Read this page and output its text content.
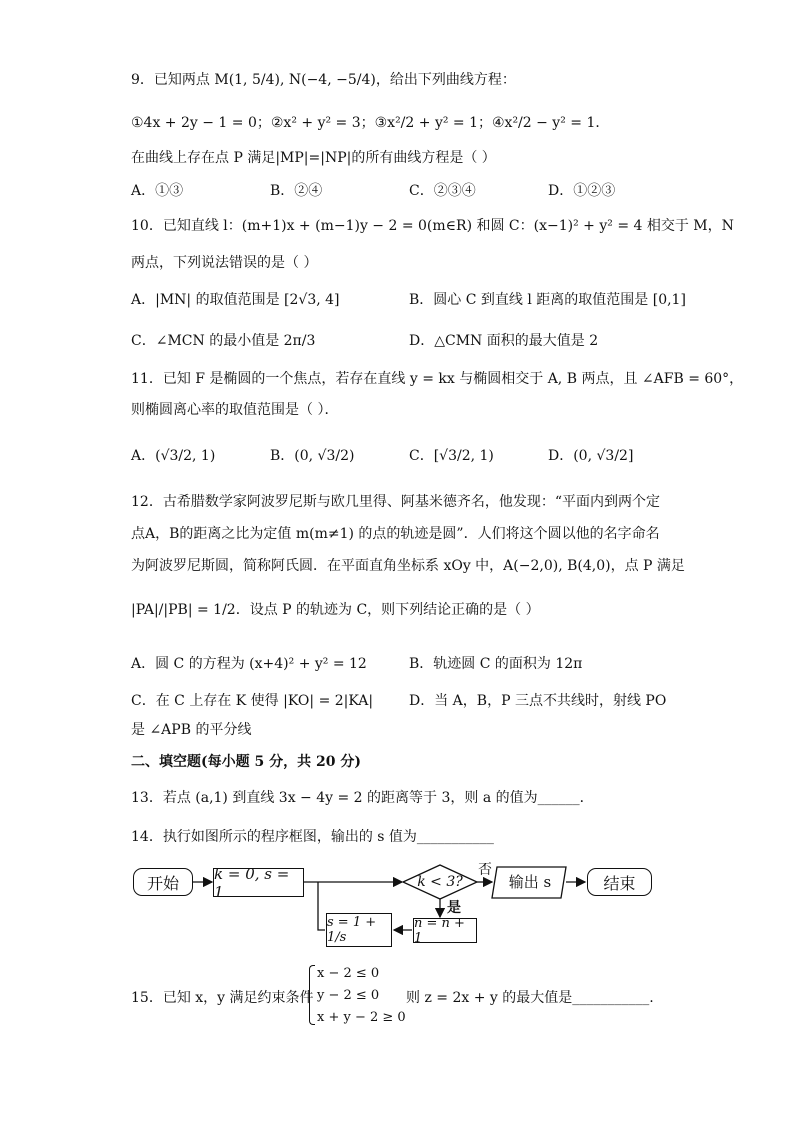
9．已知两点 M(1, 5/4), N(−4, −5/4)，给出下列曲线方程：
①4x + 2y − 1 = 0；②x² + y² = 3；③x²/2 + y² = 1；④x²/2 − y² = 1．
在曲线上存在点 P 满足|MP|=|NP|的所有曲线方程是（ ）
A．①③	B．②④	C．②③④	D．①②③
10．已知直线 l：(m+1)x + (m−1)y − 2 = 0(m∈R) 和圆 C：(x−1)² + y² = 4 相交于 M，N
两点，下列说法错误的是（ ）
A．|MN| 的取值范围是 [2√3, 4]	B．圆心 C 到直线 l 距离的取值范围是 [0,1]
C．∠MCN 的最小值是 2π/3	D．△CMN 面积的最大值是 2
11．已知 F 是椭圆的一个焦点，若存在直线 y = kx 与椭圆相交于 A, B 两点，且 ∠AFB = 60°，
则椭圆离心率的取值范围是（ ）．
A．(√3/2, 1)	B．(0, √3/2)	C．[√3/2, 1)	D．(0, √3/2]
12．古希腊数学家阿波罗尼斯与欧几里得、阿基米德齐名，他发现：“平面内到两个定
点A，B的距离之比为定值 m(m≠1) 的点的轨迹是圆”．人们将这个圆以他的名字命名
为阿波罗尼斯圆，简称阿氏圆．在平面直角坐标系 xOy 中，A(−2,0), B(4,0)，点 P 满足
|PA|/|PB| = 1/2．设点 P 的轨迹为 C，则下列结论正确的是（ ）
A．圆 C 的方程为 (x+4)² + y² = 12	B．轨迹圆 C 的面积为 12π
C．在 C 上存在 K 使得 |KO| = 2|KA|	D．当 A，B，P 三点不共线时，射线 PO
是 ∠APB 的平分线
二、填空题(每小题 5 分，共 20 分)
13．若点 (a,1) 到直线 3x − 4y = 2 的距离等于 3，则 a 的值为______．
14．执行如图所示的程序框图，输出的 s 值为___________
开始	k = 0, s = 1
k < 3?
否
是
输出 s	结束
n = n + 1
s = 1 + 1/s
15．已知 x，y 满足约束条件
x − 2 ≤ 0
y − 2 ≤ 0
x + y − 2 ≥ 0
则 z = 2x + y 的最大值是___________.
